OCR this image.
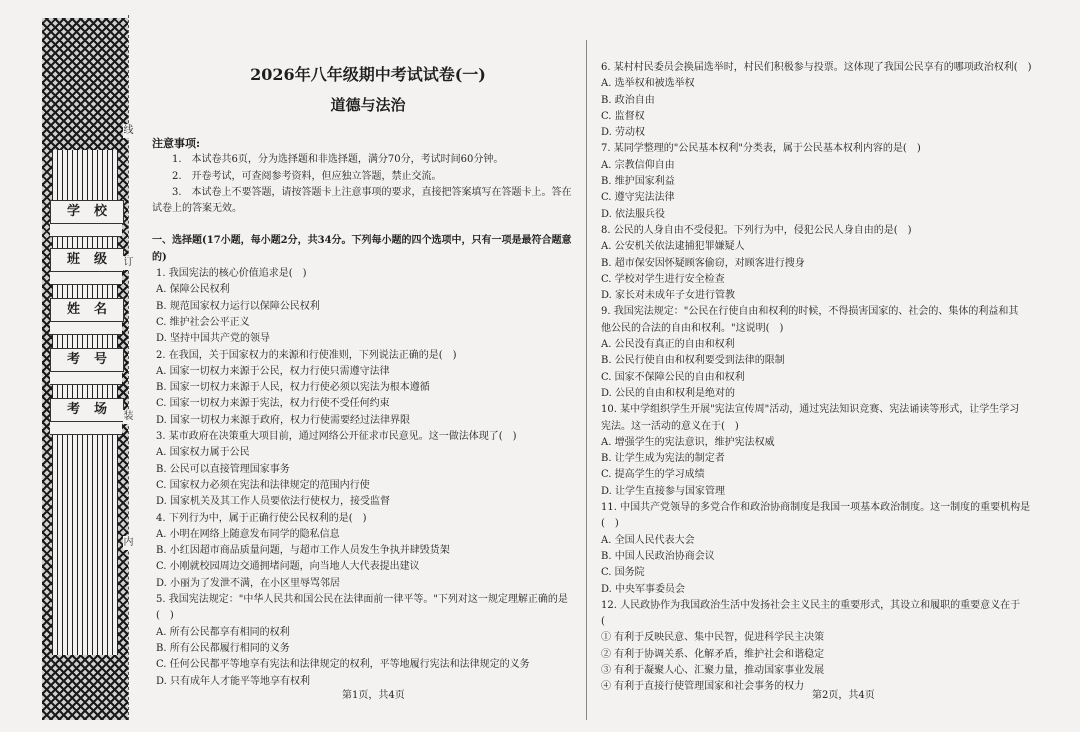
学校
班级
姓名
考号
考场
线
订
装
内
2026年八年级期中考试试卷(一)
道德与法治

注意事项:

1.　本试卷共6页，分为选择题和非选择题，满分70分，考试时间60分钟。

2.　开卷考试，可查阅参考资料，但应独立答题，禁止交流。

3.　本试卷上不要答题，请按答题卡上注意事项的要求，直接把答案填写在答题卡上。答在

试卷上的答案无效。

一、选择题(17小题，每小题2分，共34分。下列每小题的四个选项中，只有一项是最符合题意

的)

1. 我国宪法的核心价值追求是(　)

A. 保障公民权利

B. 规范国家权力运行以保障公民权利

C. 维护社会公平正义

D. 坚持中国共产党的领导

2. 在我国，关于国家权力的来源和行使准则，下列说法正确的是(　)

A. 国家一切权力来源于公民，权力行使只需遵守法律

B. 国家一切权力来源于人民，权力行使必须以宪法为根本遵循

C. 国家一切权力来源于宪法，权力行使不受任何约束

D. 国家一切权力来源于政府，权力行使需要经过法律界限

3. 某市政府在决策重大项目前，通过网络公开征求市民意见。这一做法体现了(　)

A. 国家权力属于公民

B. 公民可以直接管理国家事务

C. 国家权力必须在宪法和法律规定的范围内行使

D. 国家机关及其工作人员要依法行使权力，接受监督

4. 下列行为中，属于正确行使公民权利的是(　)

A. 小明在网络上随意发布同学的隐私信息

B. 小红因超市商品质量问题，与超市工作人员发生争执并肆毁货架

C. 小刚就校园周边交通拥堵问题，向当地人大代表提出建议

D. 小丽为了发泄不满，在小区里辱骂邻居

5. 我国宪法规定："中华人民共和国公民在法律面前一律平等。"下列对这一规定理解正确的是

(　)

A. 所有公民都享有相同的权利

B. 所有公民都履行相同的义务

C. 任何公民都平等地享有宪法和法律规定的权利，平等地履行宪法和法律规定的义务

D. 只有成年人才能平等地享有权利

6. 某村村民委员会换届选举时，村民们积极参与投票。这体现了我国公民享有的哪项政治权利(　)

A. 选举权和被选举权

B. 政治自由

C. 监督权

D. 劳动权

7. 某同学整理的"公民基本权利"分类表，属于公民基本权利内容的是(　)

A. 宗教信仰自由

B. 维护国家利益

C. 遵守宪法法律

D. 依法服兵役

8. 公民的人身自由不受侵犯。下列行为中，侵犯公民人身自由的是(　)

A. 公安机关依法逮捕犯罪嫌疑人

B. 超市保安因怀疑顾客偷窃，对顾客进行搜身

C. 学校对学生进行安全检查

D. 家长对未成年子女进行管教

9. 我国宪法规定："公民在行使自由和权利的时候，不得损害国家的、社会的、集体的利益和其

他公民的合法的自由和权利。"这说明(　)

A. 公民没有真正的自由和权利

B. 公民行使自由和权利要受到法律的限制

C. 国家不保障公民的自由和权利

D. 公民的自由和权利是绝对的

10. 某中学组织学生开展"宪法宣传周"活动，通过宪法知识竞赛、宪法诵读等形式，让学生学习

宪法。这一活动的意义在于(　)

A. 增强学生的宪法意识，维护宪法权威

B. 让学生成为宪法的制定者

C. 提高学生的学习成绩

D. 让学生直接参与国家管理

11. 中国共产党领导的多党合作和政治协商制度是我国一项基本政治制度。这一制度的重要机构是

(　)

A. 全国人民代表大会

B. 中国人民政治协商会议

C. 国务院

D. 中央军事委员会

12. 人民政协作为我国政治生活中发扬社会主义民主的重要形式，其设立和履职的重要意义在于

(

① 有利于反映民意、集中民智，促进科学民主决策

② 有利于协调关系、化解矛盾，维护社会和谐稳定

③ 有利于凝聚人心、汇聚力量，推动国家事业发展

④ 有利于直接行使管理国家和社会事务的权力

第1页，共4页	第2页，共4页
